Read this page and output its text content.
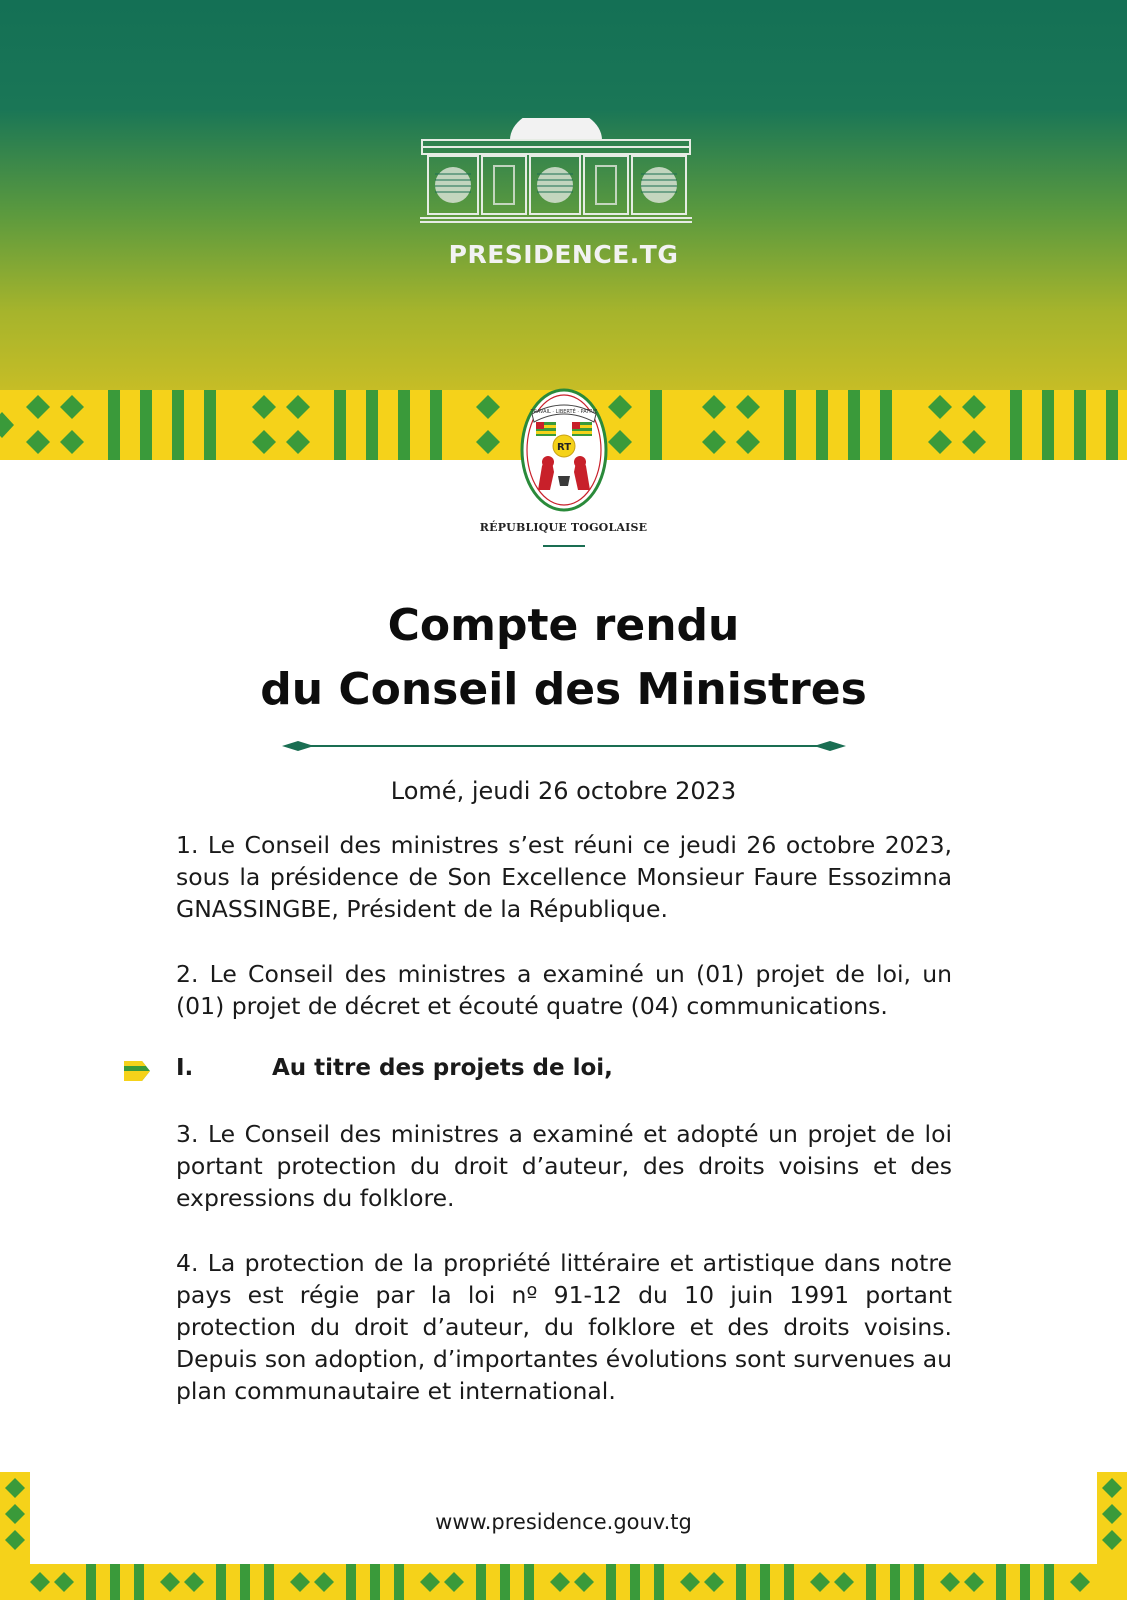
PRESIDENCE.TG
TRAVAIL · LIBERTÉ · PATRIE
RT
RÉPUBLIQUE TOGOLAISE
Compte rendu
du Conseil des Ministres
Lomé, jeudi 26 octobre 2023
1. Le Conseil des ministres s’est réuni ce jeudi 26 octobre 2023, sous la présidence de Son Excellence Monsieur Faure Essozimna GNASSINGBE, Président de la République.
2. Le Conseil des ministres a examiné un (01) projet de loi, un (01) projet de décret et écouté quatre (04) communications.
I.	Au titre des projets de loi,
3. Le Conseil des ministres a examiné et adopté un projet de loi portant protection du droit d’auteur, des droits voisins et des expressions du folklore.
4. La protection de la propriété littéraire et artistique dans notre pays est régie par la loi nº 91-12 du 10 juin 1991 portant protection du droit d’auteur, du folklore et des droits voisins. Depuis son adoption, d’importantes évolutions sont survenues au plan communautaire et international.
www.presidence.gouv.tg
